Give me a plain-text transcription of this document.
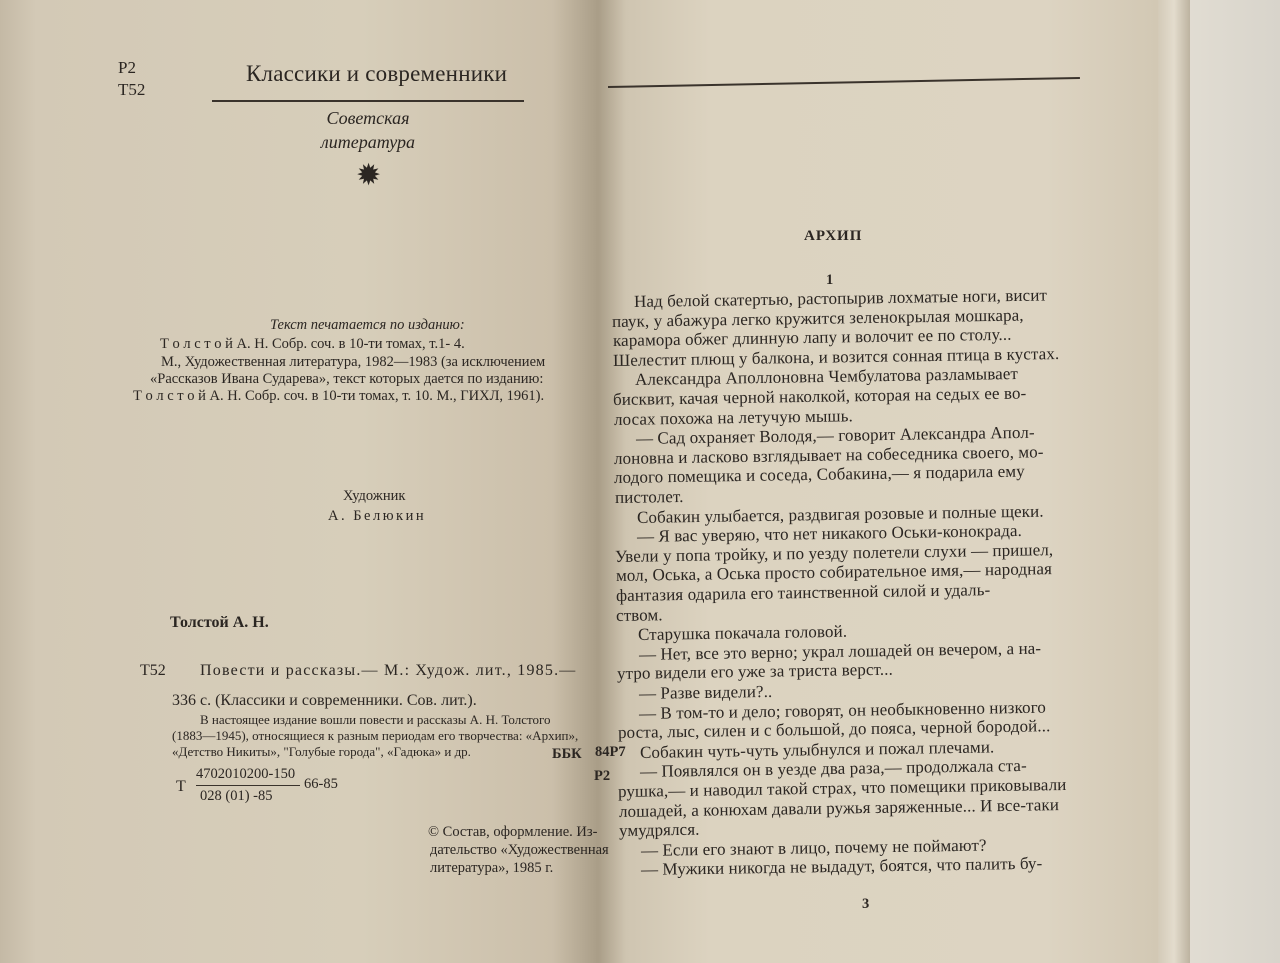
Р2
Т52
Классики и современники
Советская литература
✹
Текст печатается по изданию:
Т о л с т о й А. Н. Собр. соч. в 10-ти томах, т.1- 4.
М., Художественная литература, 1982—1983 (за исключением
«Рассказов Ивана Сударева», текст которых дается по изданию:
Т о л с т о й А. Н. Собр. соч. в 10-ти томах, т. 10. М., ГИХЛ, 1961).
Художник
А. Белюкин
Толстой А. Н.
Т52 Повести и рассказы.— М.: Худож. лит., 1985.—
336 с. (Классики и современники. Сов. лит.).
В настоящее издание вошли повести и рассказы А. Н. Толстого
(1883—1945), относящиеся к разным периодам его творчества: «Архип»,
«Детство Никиты», "Голубые города", «Гадюка» и др.	ББК 84Р7
Р2
Т
4702010200-150
028 (01) -85
66-85
© Состав, оформление. Из-
дательство «Художественная
литература», 1985 г.
АРХИП
1
Над белой скатертью, растопырив лохматые ноги, висит
паук, у абажура легко кружится зеленокрылая мошкара,
карамора обжег длинную лапу и волочит ее по столу...
Шелестит плющ у балкона, и возится сонная птица в кустах.
Александра Аполлоновна Чембулатова разламывает
бисквит, качая черной наколкой, которая на седых ее во-
лосах похожа на летучую мышь.
— Сад охраняет Володя,— говорит Александра Апол-
лоновна и ласково взглядывает на собеседника своего, мо-
лодого помещика и соседа, Собакина,— я подарила ему
пистолет.
Собакин улыбается, раздвигая розовые и полные щеки.
— Я вас уверяю, что нет никакого Оськи-конокрада.
Увели у попа тройку, и по уезду полетели слухи — пришел,
мол, Оська, а Оська просто собирательное имя,— народная
фантазия одарила его таинственной силой и удаль-
ством.
Старушка покачала головой.
— Нет, все это верно; украл лошадей он вечером, а на-
утро видели его уже за триста верст...
— Разве видели?..
— В том-то и дело; говорят, он необыкновенно низкого
роста, лыс, силен и с большой, до пояса, черной бородой...
Собакин чуть-чуть улыбнулся и пожал плечами.
— Появлялся он в уезде два раза,— продолжала ста-
рушка,— и наводил такой страх, что помещики приковывали
лошадей, а конюхам давали ружья заряженные... И все-таки
умудрялся.
— Если его знают в лицо, почему не поймают?
— Мужики никогда не выдадут, боятся, что палить бу-
3
